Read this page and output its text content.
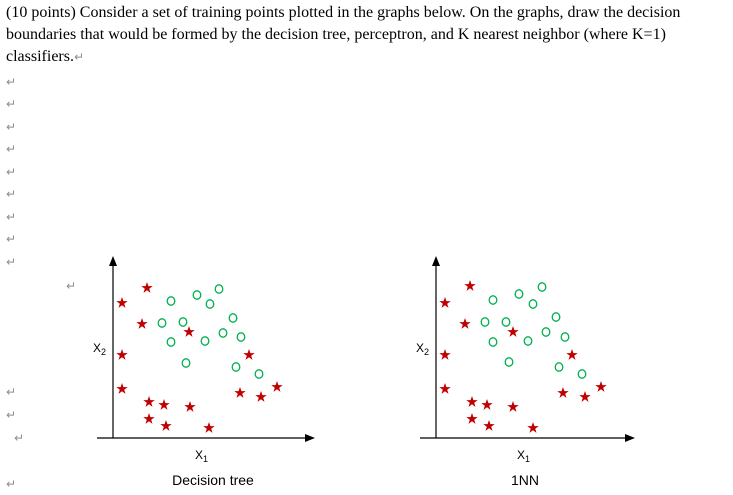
(10 points) Consider a set of training points plotted in the graphs below. On the graphs, draw the decision boundaries that would be formed by the decision tree, perceptron, and K nearest neighbor (where K=1) classifiers.↵

↵
↵
↵
↵
↵
↵
↵
↵
↵
↵
↵
↵
↵
↵
$X_2$
$X_1$
Decision tree
$X_2$
$X_1$
1NN
